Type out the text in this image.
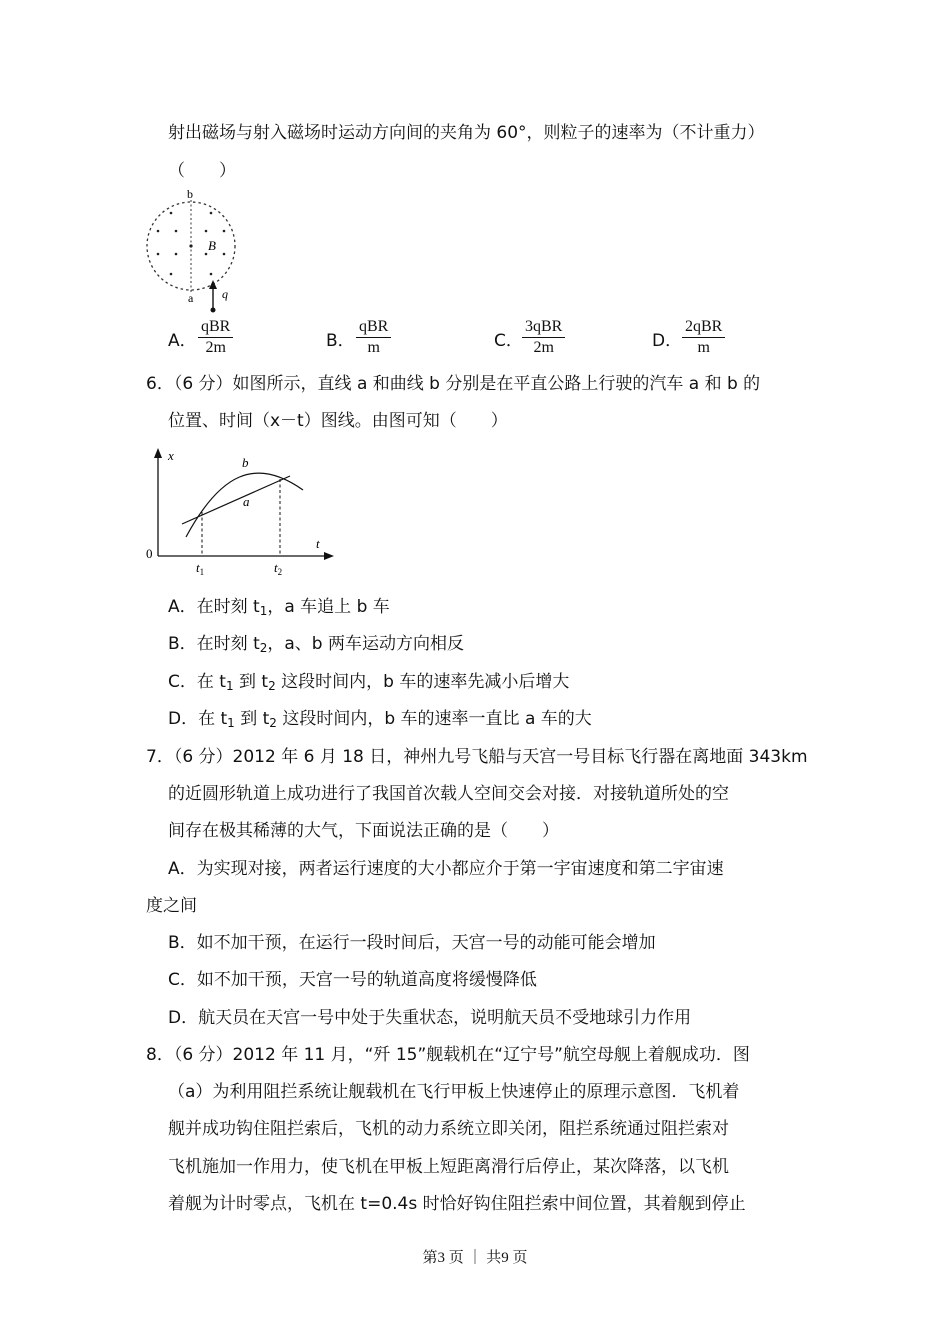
射出磁场与射入磁场时运动方向间的夹角为 60°，则粒子的速率为（不计重力）
（　　）
b
B
a q
A．
qBR
2m	B．
qBR
m	C．
3qBR
2m	D．
2qBR
m
6．（6 分）如图所示，直线 a 和曲线 b 分别是在平直公路上行驶的汽车 a 和 b 的
位置、时间（x－t）图线。由图可知（　　）
x
t
0
b
a
$t_1$	$t_2$
A．在时刻 $t_1$，a 车追上 b 车
B．在时刻 $t_2$，a、b 两车运动方向相反
C．在 $t_1$ 到 $t_2$ 这段时间内，b 车的速率先减小后增大
D．在 $t_1$ 到 $t_2$ 这段时间内，b 车的速率一直比 a 车的大
7．（6 分）2012 年 6 月 18 日，神州九号飞船与天宫一号目标飞行器在离地面 343km
的近圆形轨道上成功进行了我国首次载人空间交会对接．对接轨道所处的空
间存在极其稀薄的大气，下面说法正确的是（　　）
A．为实现对接，两者运行速度的大小都应介于第一宇宙速度和第二宇宙速
度之间
B．如不加干预，在运行一段时间后，天宫一号的动能可能会增加
C．如不加干预，天宫一号的轨道高度将缓慢降低
D．航天员在天宫一号中处于失重状态，说明航天员不受地球引力作用
8．（6 分）2012 年 11 月，“歼 15”舰载机在“辽宁号”航空母舰上着舰成功．图
（a）为利用阻拦系统让舰载机在飞行甲板上快速停止的原理示意图．飞机着
舰并成功钩住阻拦索后，飞机的动力系统立即关闭，阻拦系统通过阻拦索对
飞机施加一作用力，使飞机在甲板上短距离滑行后停止，某次降落，以飞机
着舰为计时零点，飞机在 t=0.4s 时恰好钩住阻拦索中间位置，其着舰到停止
第3 页 ｜ 共9 页
